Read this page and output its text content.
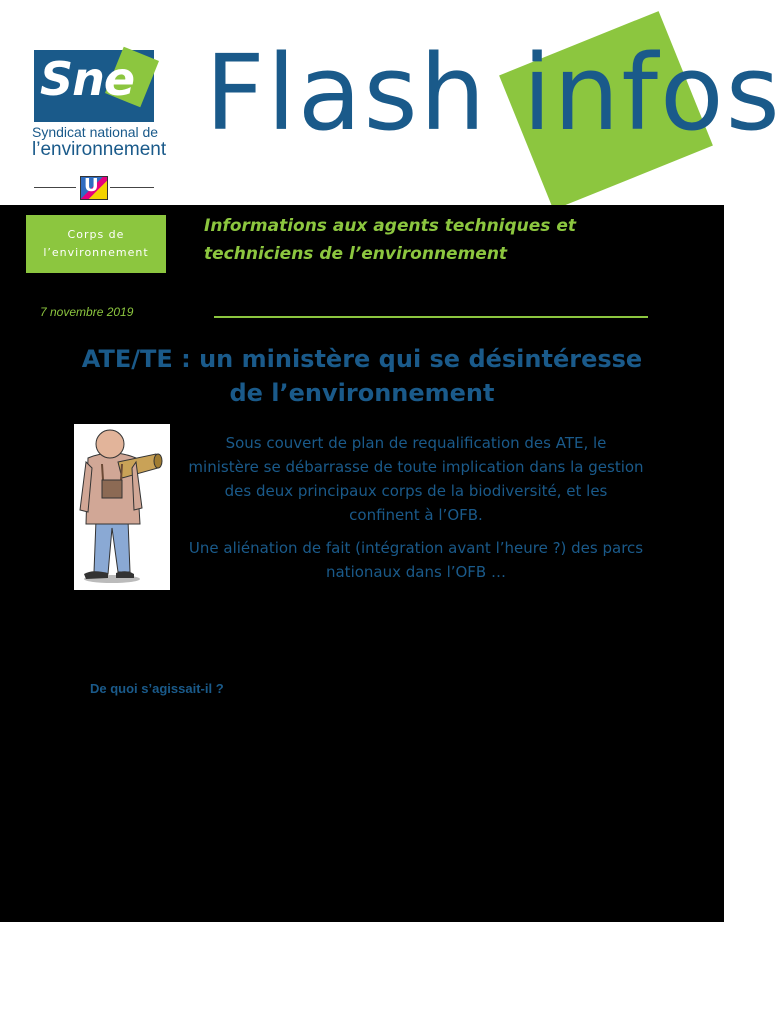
Sne
Syndicat national de
l’environnement
U
Flash infos
Corps de
l’environnement
Informations aux agents techniques et
techniciens de l’environnement
7 novembre 2019
ATE/TE : un ministère qui se désintéresse
de l’environnement

Sous couvert de plan de requalification des ATE, le ministère se débarrasse de toute implication dans la gestion des deux principaux corps de la biodiversité, et les confinent à l’OFB.

Une aliénation de fait (intégration avant l’heure ?) des parcs nationaux dans l’OFB …

De quoi s’agissait-il ?
